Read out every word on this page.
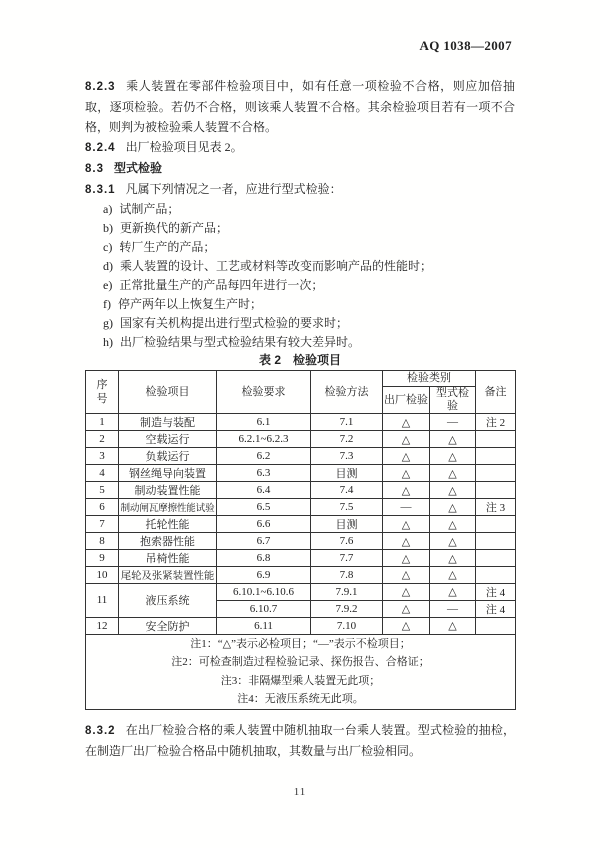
AQ 1038—2007

8.2.3 乘人装置在零部件检验项目中，如有任意一项检验不合格，则应加倍抽取，逐项检验。若仍不合格，则该乘人装置不合格。其余检验项目若有一项不合格，则判为被检验乘人装置不合格。

8.2.4 出厂检验项目见表 2。

8.3 型式检验

8.3.1 凡属下列情况之一者，应进行型式检验：

a) 试制产品；
b) 更新换代的新产品；
c) 转厂生产的产品；
d) 乘人装置的设计、工艺或材料等改变而影响产品的性能时；
e) 正常批量生产的产品每四年进行一次；
f) 停产两年以上恢复生产时；
g) 国家有关机构提出进行型式检验的要求时；
h) 出厂检验结果与型式检验结果有较大差异时。
表 2　检验项目
序号	检验项目	检验要求	检验方法	检验类别		备注
				出厂检验	型式检验	
1	制造与装配	6.1	7.1	△	—	注 2
2	空载运行	6.2.1~6.2.3	7.2	△	△	
3	负载运行	6.2	7.3	△	△	
4	钢丝绳导向装置	6.3	目测	△	△	
5	制动装置性能	6.4	7.4	△	△	
6	制动闸瓦摩擦性能试验	6.5	7.5	—	△	注 3
7	托轮性能	6.6	目测	△	△	
8	抱索器性能	6.7	7.6	△	△	
9	吊椅性能	6.8	7.7	△	△	
10	尾轮及张紧装置性能	6.9	7.8	△	△	
11	液压系统	6.10.1~6.10.6	7.9.1	△	△	注 4
		6.10.7	7.9.2	△	—	注 4
12	安全防护	6.11	7.10	△	△	

注1：“△”表示必检项目；“—”表示不检项目；
注2：可检查制造过程检验记录、探伤报告、合格证；
注3：非隔爆型乘人装置无此项；
注4：无液压系统无此项。						

8.3.2 在出厂检验合格的乘人装置中随机抽取一台乘人装置。型式检验的抽检，在制造厂出厂检验合格品中随机抽取，其数量与出厂检验相同。

11
